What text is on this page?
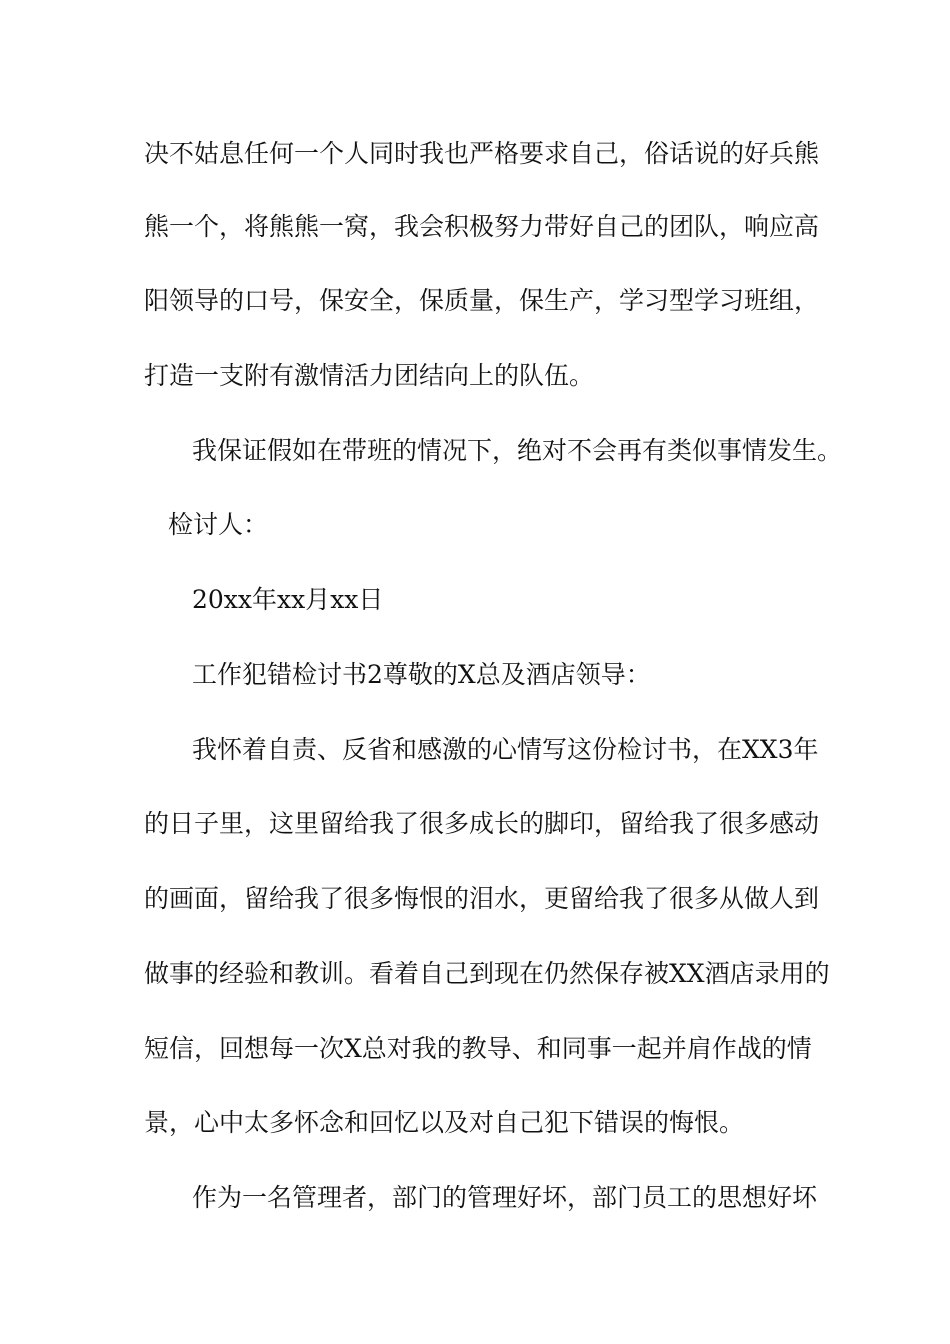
决不姑息任何一个人同时我也严格要求自己，俗话说的好兵熊
熊一个，将熊熊一窝，我会积极努力带好自己的团队，响应高
阳领导的口号，保安全，保质量，保生产，学习型学习班组，
打造一支附有激情活力团结向上的队伍。
我保证假如在带班的情况下，绝对不会再有类似事情发生。
检讨人：
20xx年xx月xx日
工作犯错检讨书2尊敬的X总及酒店领导：
我怀着自责、反省和感激的心情写这份检讨书，在XX3年
的日子里，这里留给我了很多成长的脚印，留给我了很多感动
的画面，留给我了很多悔恨的泪水，更留给我了很多从做人到
做事的经验和教训。看着自己到现在仍然保存被XX酒店录用的
短信，回想每一次X总对我的教导、和同事一起并肩作战的情
景，心中太多怀念和回忆以及对自己犯下错误的悔恨。
作为一名管理者，部门的管理好坏，部门员工的思想好坏
